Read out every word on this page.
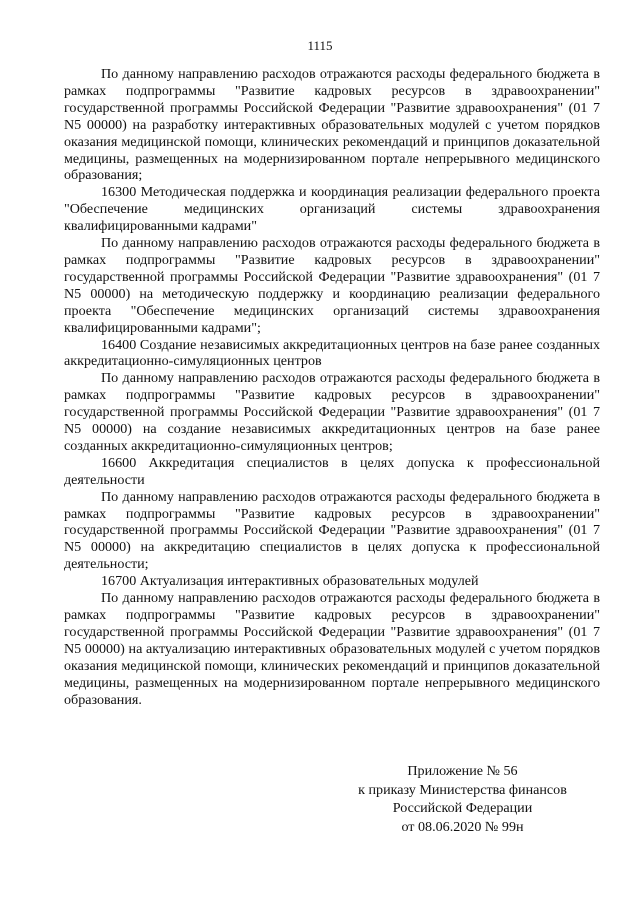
1115

По данному направлению расходов отражаются расходы федерального бюджета в рамках подпрограммы "Развитие кадровых ресурсов в здравоохранении" государственной программы Российской Федерации "Развитие здравоохранения" (01 7 N5 00000) на разработку интерактивных образовательных модулей с учетом порядков оказания медицинской помощи, клинических рекомендаций и принципов доказательной медицины, размещенных на модернизированном портале непрерывного медицинского образования;

16300 Методическая поддержка и координация реализации федерального проекта "Обеспечение медицинских организаций системы здравоохранения квалифицированными кадрами"

По данному направлению расходов отражаются расходы федерального бюджета в рамках подпрограммы "Развитие кадровых ресурсов в здравоохранении" государственной программы Российской Федерации "Развитие здравоохранения" (01 7 N5 00000) на методическую поддержку и координацию реализации федерального проекта "Обеспечение медицинских организаций системы здравоохранения квалифицированными кадрами";

16400 Создание независимых аккредитационных центров на базе ранее созданных аккредитационно-симуляционных центров

По данному направлению расходов отражаются расходы федерального бюджета в рамках подпрограммы "Развитие кадровых ресурсов в здравоохранении" государственной программы Российской Федерации "Развитие здравоохранения" (01 7 N5 00000) на создание независимых аккредитационных центров на базе ранее созданных аккредитационно-симуляционных центров;

16600 Аккредитация специалистов в целях допуска к профессиональной деятельности

По данному направлению расходов отражаются расходы федерального бюджета в рамках подпрограммы "Развитие кадровых ресурсов в здравоохранении" государственной программы Российской Федерации "Развитие здравоохранения" (01 7 N5 00000) на аккредитацию специалистов в целях допуска к профессиональной деятельности;

16700 Актуализация интерактивных образовательных модулей

По данному направлению расходов отражаются расходы федерального бюджета в рамках подпрограммы "Развитие кадровых ресурсов в здравоохранении" государственной программы Российской Федерации "Развитие здравоохранения" (01 7 N5 00000) на актуализацию интерактивных образовательных модулей с учетом порядков оказания медицинской помощи, клинических рекомендаций и принципов доказательной медицины, размещенных на модернизированном портале непрерывного медицинского образования.

Приложение № 56
к приказу Министерства финансов
Российской Федерации
от 08.06.2020 № 99н
